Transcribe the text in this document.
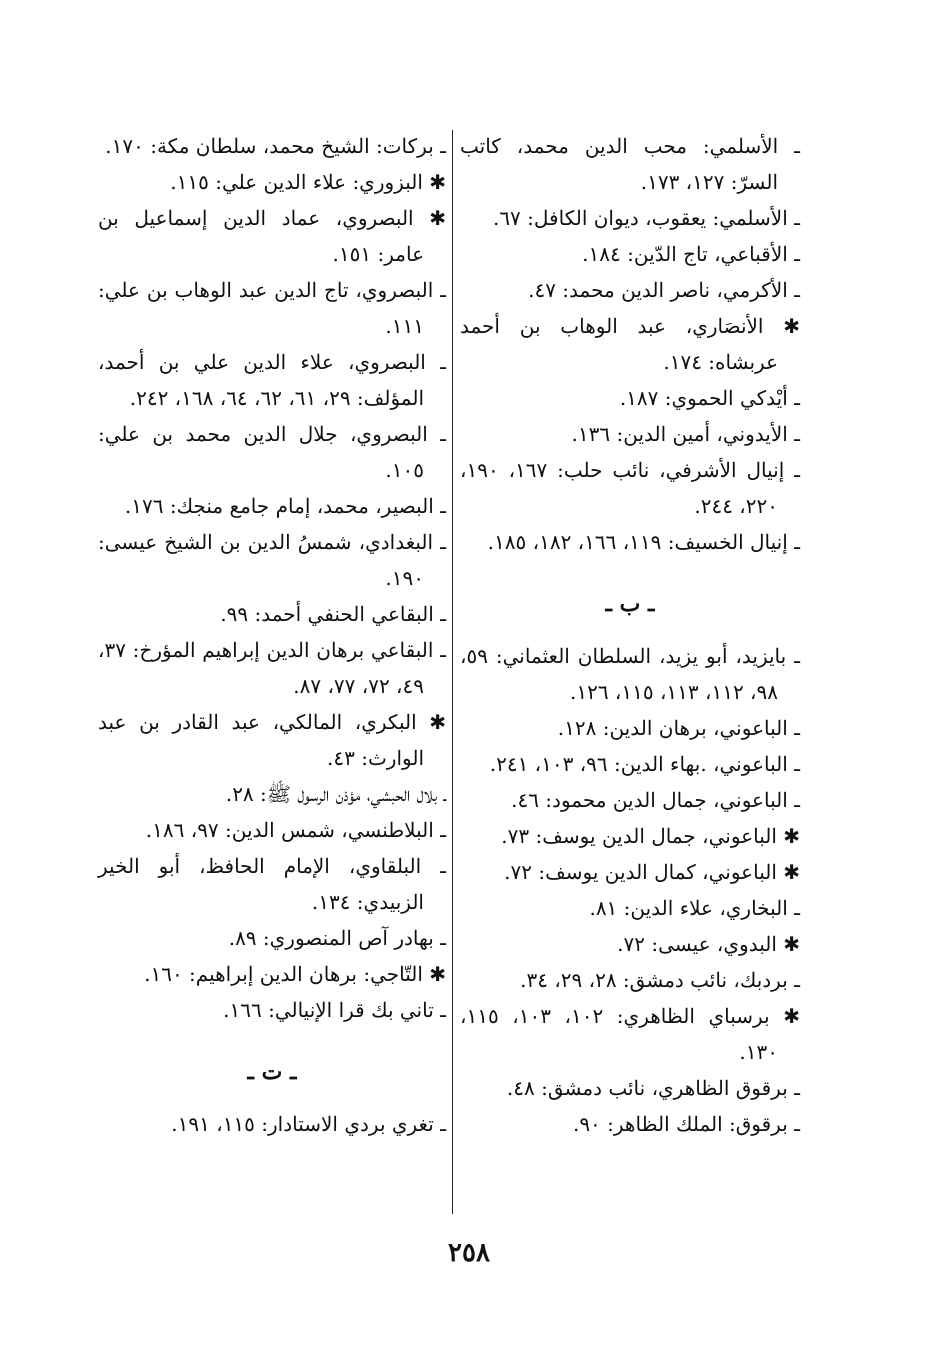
ـ الأسلمي: محب الدين محمد، كاتب السرّ: ١٢٧، ١٧٣.

ـ الأسلمي: يعقوب، ديوان الكافل: ٦٧.

ـ الأقباعي، تاج الدّين: ١٨٤.

ـ الأكرمي، ناصر الدين محمد: ٤٧.

✱ الأنصَاري، عبد الوهاب بن أحمد عربشاه: ١٧٤.

ـ أيْدكي الحموي: ١٨٧.

ـ الأيدوني، أمين الدين: ١٣٦.

ـ إنيال الأشرفي، نائب حلب: ١٦٧، ١٩٠، ٢٢٠، ٢٤٤.

ـ إنيال الخسيف: ١١٩، ١٦٦، ١٨٢، ١٨٥.

ـ ب ـ

ـ بايزيد، أبو يزيد، السلطان العثماني: ٥٩، ٩٨، ١١٢، ١١٣، ١١٥، ١٢٦.

ـ الباعوني، برهان الدين: ١٢٨.

ـ الباعوني، .بهاء الدين: ٩٦، ١٠٣، ٢٤١.

ـ الباعوني، جمال الدين محمود: ٤٦.

✱ الباعوني، جمال الدين يوسف: ٧٣.

✱ الباعوني، كمال الدين يوسف: ٧٢.

ـ البخاري، علاء الدين: ٨١.

✱ البدوي، عيسى: ٧٢.

ـ بردبك، نائب دمشق: ٢٨، ٢٩، ٣٤.

✱ برسباي الظاهري: ١٠٢، ١٠٣، ١١٥، ١٣٠.

ـ برقوق الظاهري، نائب دمشق: ٤٨.

ـ برقوق: الملك الظاهر: ٩٠.

ـ بركات: الشيخ محمد، سلطان مكة: ١٧٠.

✱ البزوري: علاء الدين علي: ١١٥.

✱ البصروي، عماد الدين إسماعيل بن عامر: ١٥١.

ـ البصروي، تاج الدين عبد الوهاب بن علي: ١١١.

ـ البصروي، علاء الدين علي بن أحمد، المؤلف: ٢٩، ٦١، ٦٢، ٦٤، ١٦٨، ٢٤٢.

ـ البصروي، جلال الدين محمد بن علي: ١٠٥.

ـ البصير، محمد، إمام جامع منجك: ١٧٦.

ـ البغدادي، شمسُ الدين بن الشيخ عيسى: ١٩٠.

ـ البقاعي الحنفي أحمد: ٩٩.

ـ البقاعي برهان الدين إبراهيم المؤرخ: ٣٧، ٤٩، ٧٢، ٧٧، ٨٧.

✱ البكري، المالكي، عبد القادر بن عبد الوارث: ٤٣.

ـ بلال الحبشي، مؤذن الرسول ﷺ: ٢٨.

ـ البلاطنسي، شمس الدين: ٩٧، ١٨٦.

ـ البلقاوي، الإمام الحافظ، أبو الخير الزبيدي: ١٣٤.

ـ بهادر آص المنصوري: ٨٩.

✱ التّاجي: برهان الدين إبراهيم: ١٦٠.

ـ تاني بك قرا الإنيالي: ١٦٦.

ـ ت ـ

ـ تغري بردي الاستادار: ١١٥، ١٩١.

٢٥٨
